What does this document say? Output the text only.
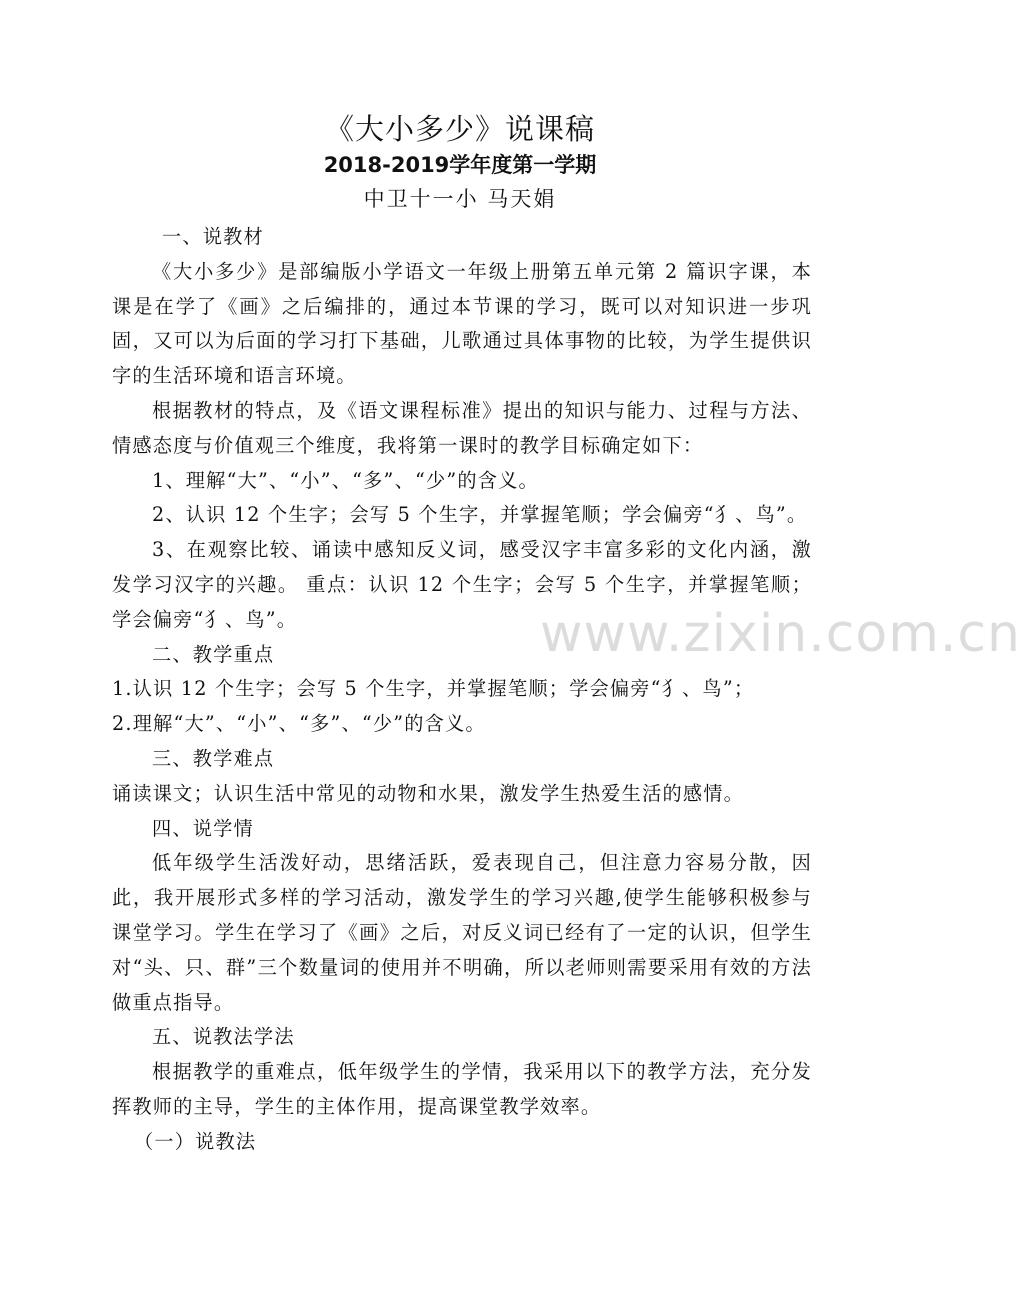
《大小多少》说课稿
2018-2019学年度第一学期
中卫十一小 马天娟

一、说教材

《大小多少》是部编版小学语文一年级上册第五单元第 2 篇识字课，本课是在学了《画》之后编排的，通过本节课的学习，既可以对知识进一步巩固，又可以为后面的学习打下基础，儿歌通过具体事物的比较，为学生提供识字的生活环境和语言环境。

根据教材的特点，及《语文课程标准》提出的知识与能力、过程与方法、情感态度与价值观三个维度，我将第一课时的教学目标确定如下：

1、理解“大”、“小”、“多”、“少”的含义。

2、认识 12 个生字；会写 5 个生字，并掌握笔顺；学会偏旁“犭、鸟”。

3、在观察比较、诵读中感知反义词，感受汉字丰富多彩的文化内涵，激发学习汉字的兴趣。 重点：认识 12 个生字；会写 5 个生字，并掌握笔顺；学会偏旁“犭、鸟”。

二、教学重点

1.认识 12 个生字；会写 5 个生字，并掌握笔顺；学会偏旁“犭、鸟”；

2.理解“大”、“小”、“多”、“少”的含义。

三、教学难点

诵读课文；认识生活中常见的动物和水果，激发学生热爱生活的感情。

四、说学情

低年级学生活泼好动，思绪活跃，爱表现自己，但注意力容易分散，因此，我开展形式多样的学习活动，激发学生的学习兴趣,使学生能够积极参与课堂学习。学生在学习了《画》之后，对反义词已经有了一定的认识，但学生对“头、只、群”三个数量词的使用并不明确，所以老师则需要采用有效的方法做重点指导。

五、说教法学法

根据教学的重难点，低年级学生的学情，我采用以下的教学方法，充分发挥教师的主导，学生的主体作用，提高课堂教学效率。

（一）说教法

www.zixin.com.cn
